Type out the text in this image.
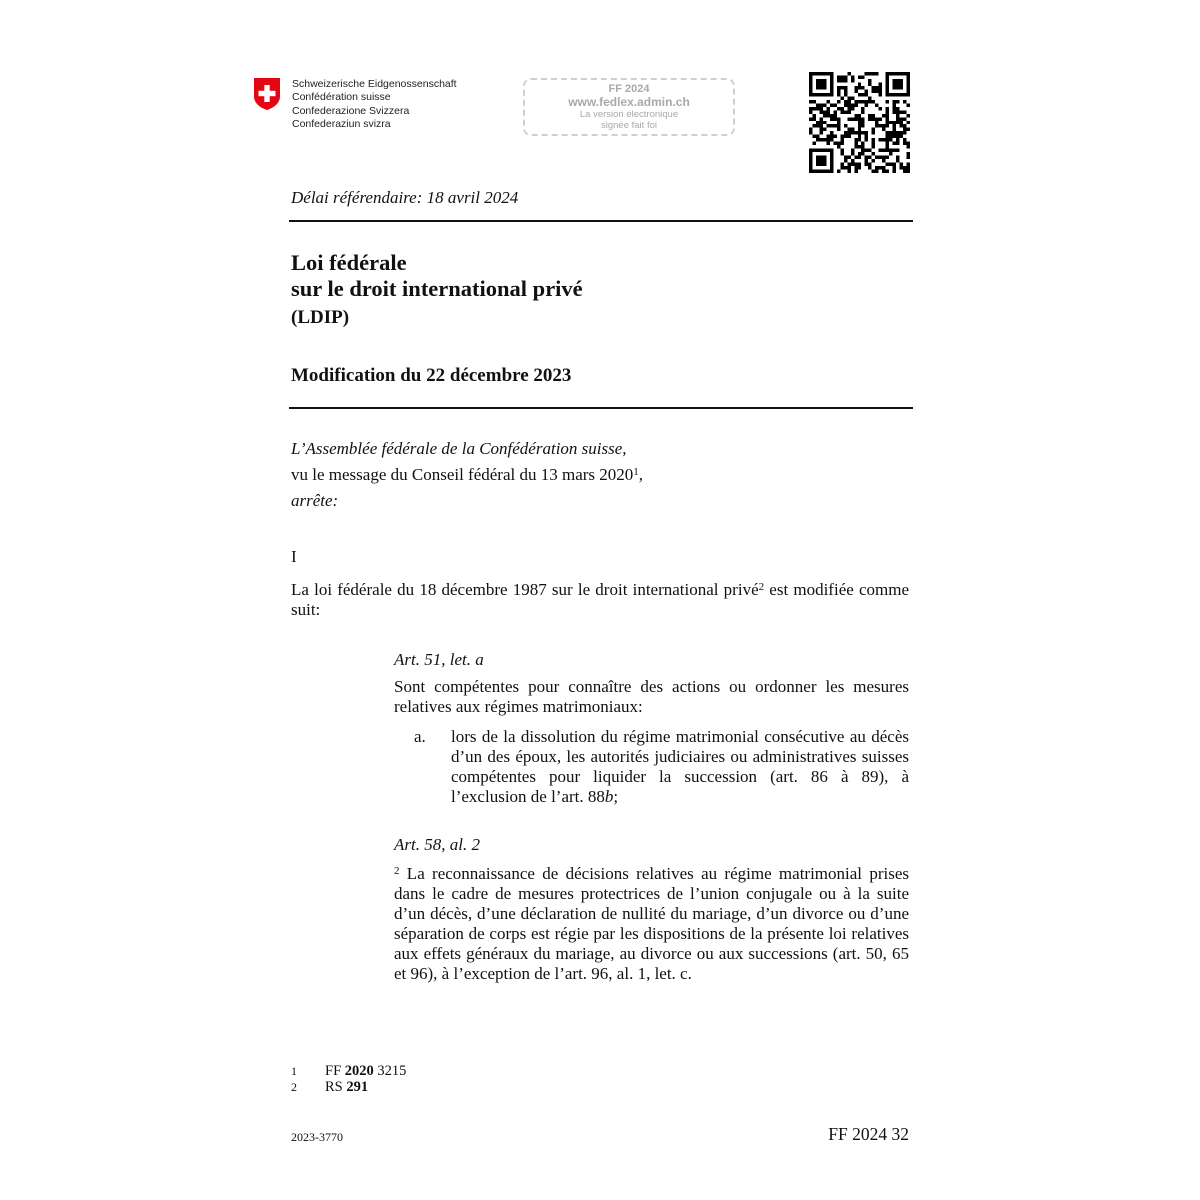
Schweizerische Eidgenossenschaft
Confédération suisse
Confederazione Svizzera
Confederaziun svizra
FF 2024
www.fedlex.admin.ch
La version électronique
signée fait foi
Délai référendaire: 18 avril 2024
Loi fédérale
sur le droit international privé
(LDIP)
Modification du 22 décembre 2023
L’Assemblée fédérale de la Confédération suisse,
vu le message du Conseil fédéral du 13 mars 2020$^1$,
arrête:
I
La loi fédérale du 18 décembre 1987 sur le droit international privé$^2$ est modifiée comme suit:
Art. 51, let. a
Sont compétentes pour connaître des actions ou ordonner les mesures relatives aux régimes matrimoniaux:
a. lors de la dissolution du régime matrimonial consécutive au décès d’un des époux, les autorités judiciaires ou administratives suisses compétentes pour liquider la succession (art. 86 à 89), à l’exclusion de l’art. 88b;
Art. 58, al. 2
$^2$ La reconnaissance de décisions relatives au régime matrimonial prises dans le cadre de mesures protectrices de l’union conjugale ou à la suite d’un décès, d’une déclaration de nullité du mariage, d’un divorce ou d’une séparation de corps est régie par les dispositions de la présente loi relatives aux effets généraux du mariage, au divorce ou aux successions (art. 50, 65 et 96), à l’exception de l’art. 96, al. 1, let. c.
1	FF 2020 3215
2	RS 291
2023-3770	FF 2024 32
